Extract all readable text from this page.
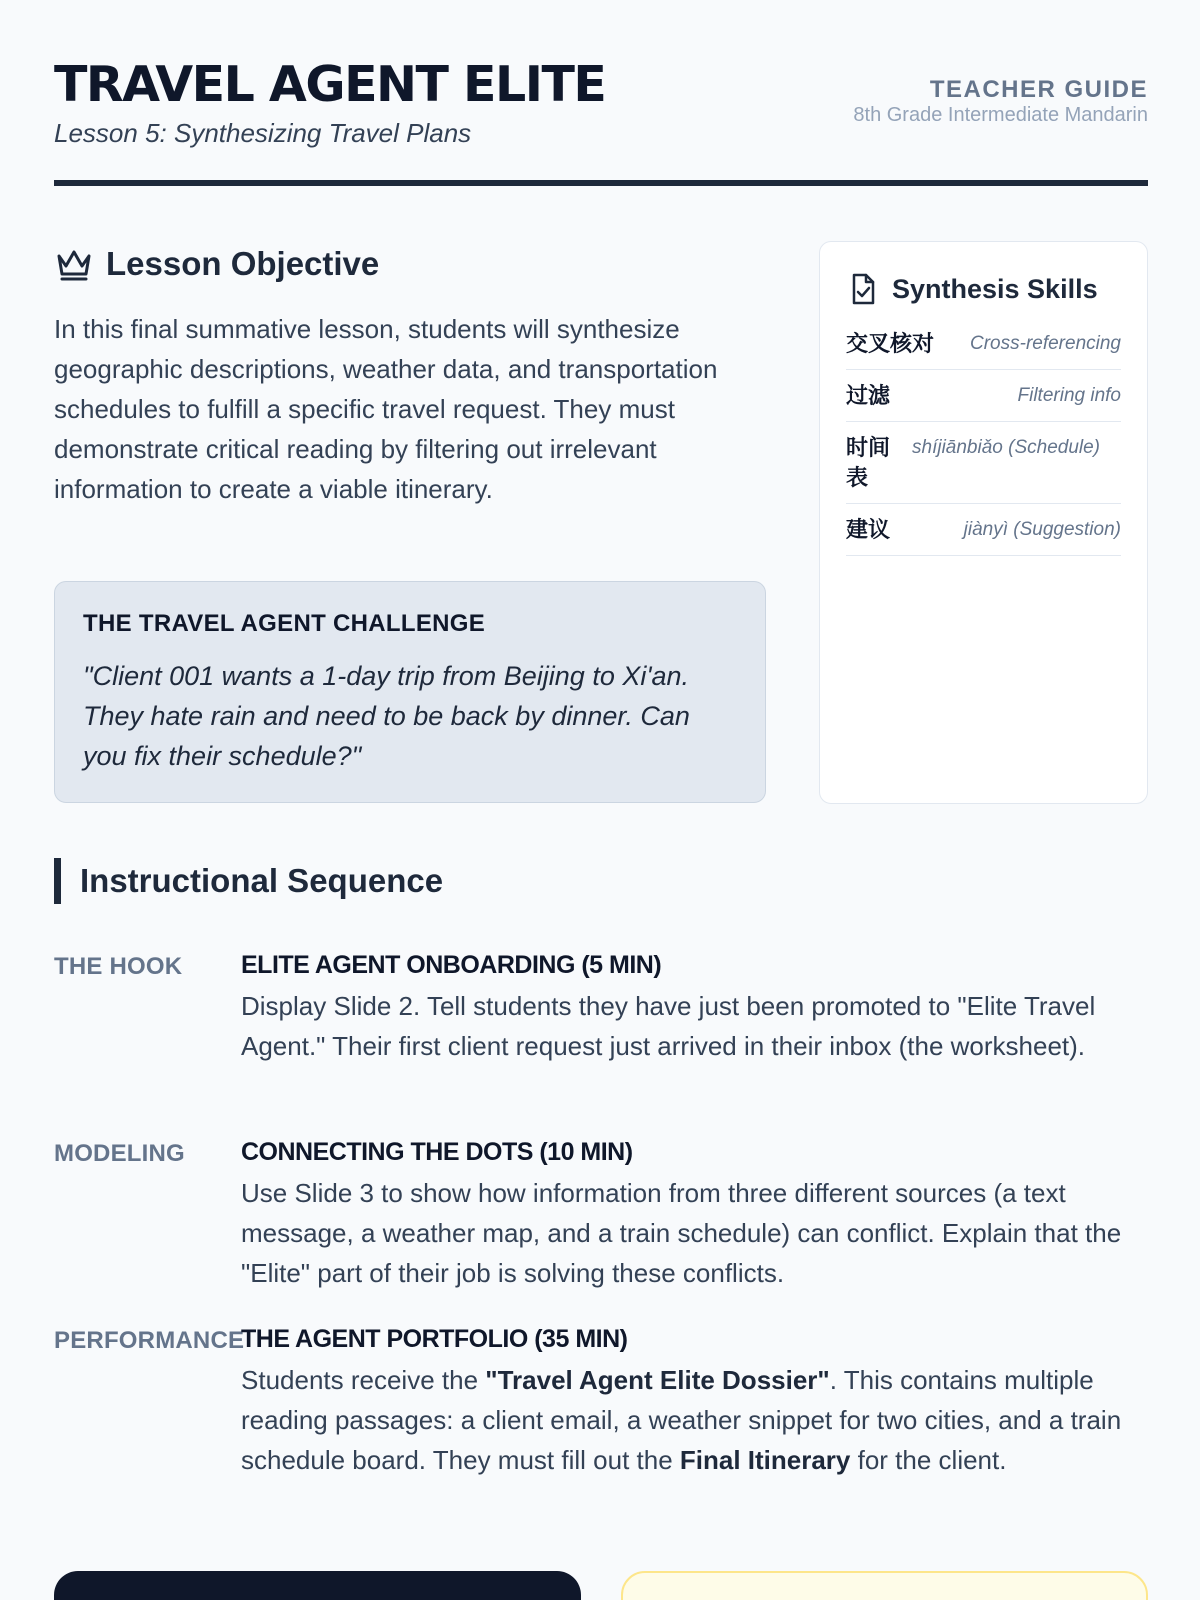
TRAVEL AGENT ELITE
Lesson 5: Synthesizing Travel Plans
TEACHER GUIDE
8th Grade Intermediate Mandarin
Lesson Objective
In this final summative lesson, students will synthesize geographic descriptions, weather data, and transportation schedules to fulfill a specific travel request. They must demonstrate critical reading by filtering out irrelevant information to create a viable itinerary.
THE TRAVEL AGENT CHALLENGE
"Client 001 wants a 1-day trip from Beijing to Xi'an. They hate rain and need to be back by dinner. Can you fix their schedule?"
Synthesis Skills
交叉核对 Cross-referencing
过滤	Filtering info
时间表
shíjiānbiǎo (Schedule)
建议	jiànyì (Suggestion)
Instructional Sequence
THE HOOK ELITE AGENT ONBOARDING (5 MIN)
Display Slide 2. Tell students they have just been promoted to "Elite Travel Agent." Their first client request just arrived in their inbox (the worksheet).
MODELING CONNECTING THE DOTS (10 MIN)
Use Slide 3 to show how information from three different sources (a text message, a weather map, and a train schedule) can conflict. Explain that the "Elite" part of their job is solving these conflicts.
PERFORMANCE
THE AGENT PORTFOLIO (35 MIN)
Students receive the "Travel Agent Elite Dossier". This contains multiple reading passages: a client email, a weather snippet for two cities, and a train schedule board. They must fill out the Final Itinerary for the client.
